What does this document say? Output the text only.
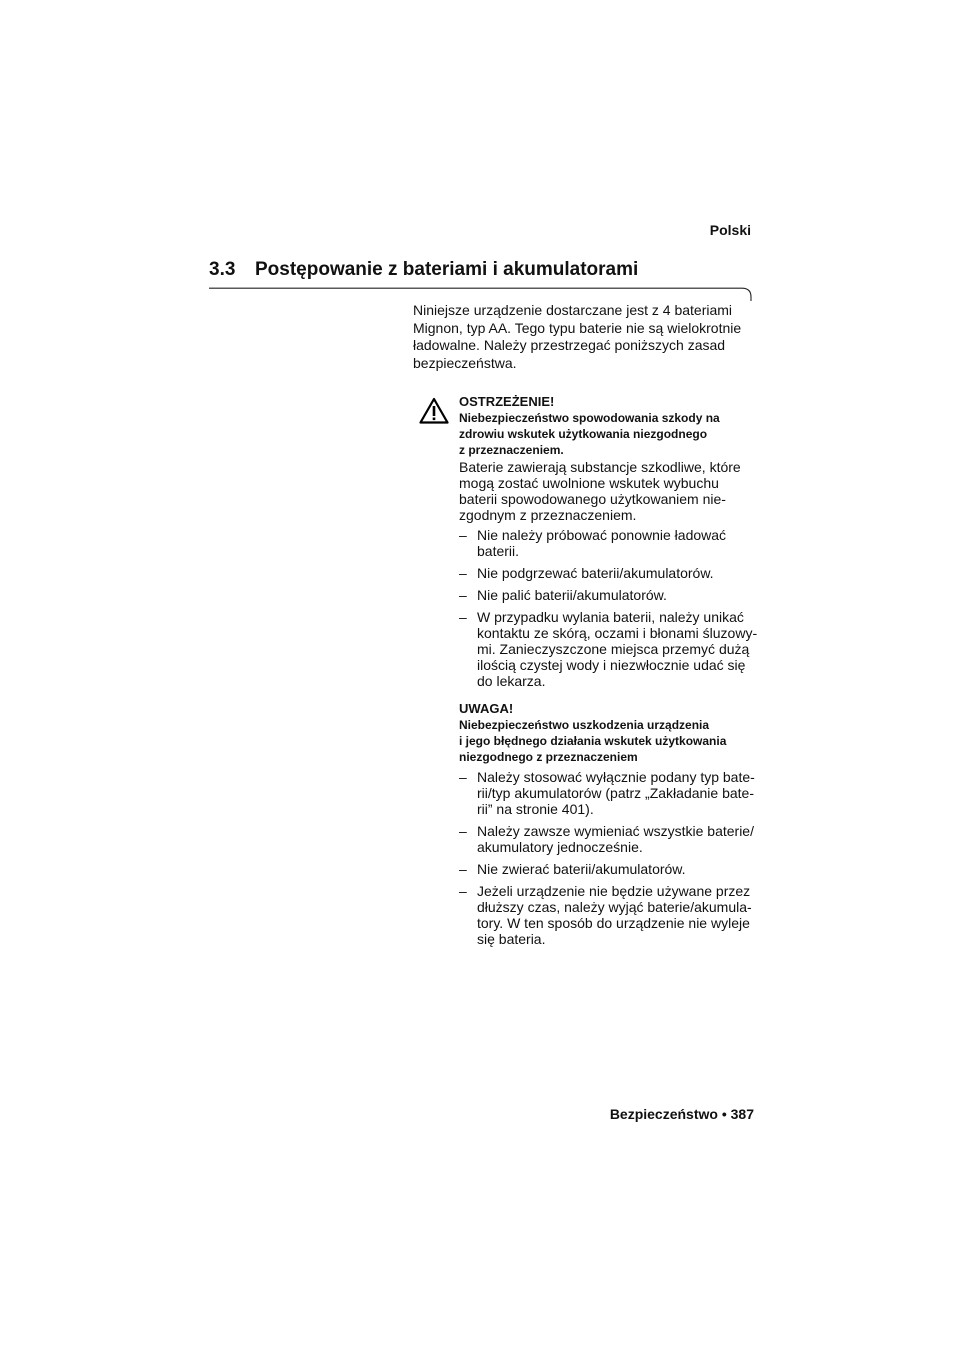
Polski
3.3 Postępowanie z bateriami i akumulatorami

Niniejsze urządzenie dostarczane jest z 4 bateriami Mignon, typ AA. Tego typu baterie nie są wielokrotnie ładowalne. Należy przestrzegać poniższych zasad bezpieczeństwa.

OSTRZEŻENIE!

Niebezpieczeństwo spowodowania szkody na
zdrowiu wskutek użytkowania niezgodnego
z przeznaczeniem.

Baterie zawierają substancje szkodliwe, które mogą zostać uwolnione wskutek wybuchu baterii spowodowanego użytkowaniem niezgodnym z przeznaczeniem.

– Nie należy próbować ponownie ładować baterii.
– Nie podgrzewać baterii/akumulatorów.
– Nie palić baterii/akumulatorów.
– W przypadku wylania baterii, należy unikać kontaktu ze skórą, oczami i błonami śluzowymi. Zanieczyszczone miejsca przemyć dużą ilością czystej wody i niezwłocznie udać się do lekarza.

UWAGA!

Niebezpieczeństwo uszkodzenia urządzenia
i jego błędnego działania wskutek użytkowania
niezgodnego z przeznaczeniem

– Należy stosować wyłącznie podany typ baterii/typ akumulatorów (patrz „Zakładanie baterii” na stronie 401).
– Należy zawsze wymieniać wszystkie baterie/ akumulatory jednocześnie.
– Nie zwierać baterii/akumulatorów.
– Jeżeli urządzenie nie będzie używane przez dłuższy czas, należy wyjąć baterie/akumulatory. W ten sposób do urządzenie nie wyleje się bateria.
Bezpieczeństwo • 387
